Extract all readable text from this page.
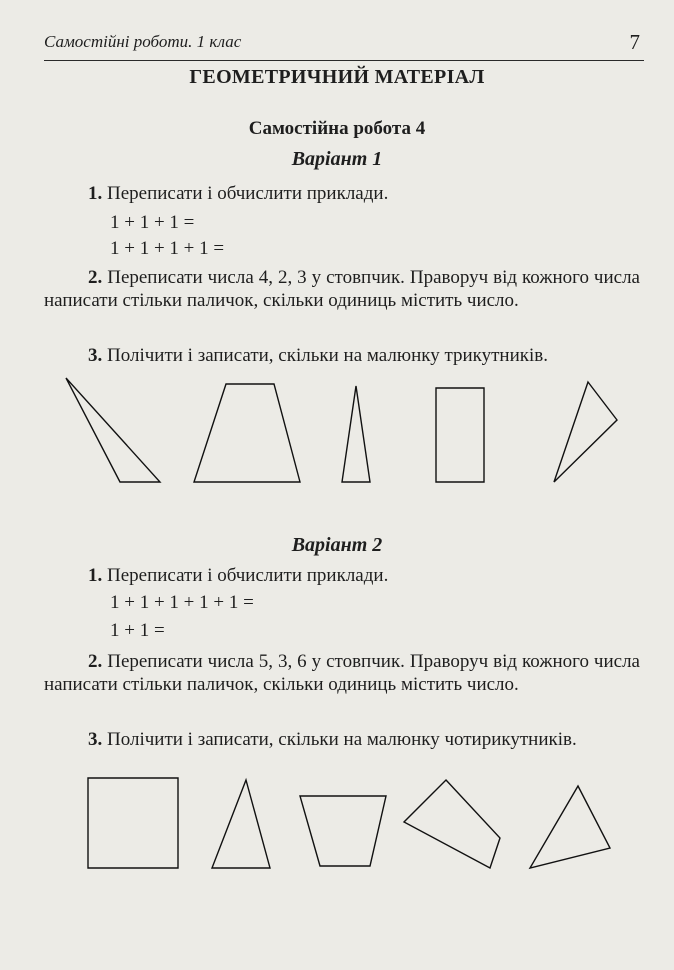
Самостійні роботи. 1 клас	7
ГЕОМЕТРИЧНИЙ МАТЕРІАЛ
Самостійна робота 4
Варіант 1
1. Переписати і обчислити приклади.
1 + 1 + 1 =
1 + 1 + 1 + 1 =
2. Переписати числа 4, 2, 3 у стовпчик. Праворуч від кожного числа написати стільки паличок, скільки одиниць містить число.
3. Полічити і записати, скільки на малюнку трикутників.
Варіант 2
1. Переписати і обчислити приклади.
1 + 1 + 1 + 1 + 1 =
1 + 1 =
2. Переписати числа 5, 3, 6 у стовпчик. Праворуч від кожного числа написати стільки паличок, скільки одиниць містить число.
3. Полічити і записати, скільки на малюнку чотирикутників.
